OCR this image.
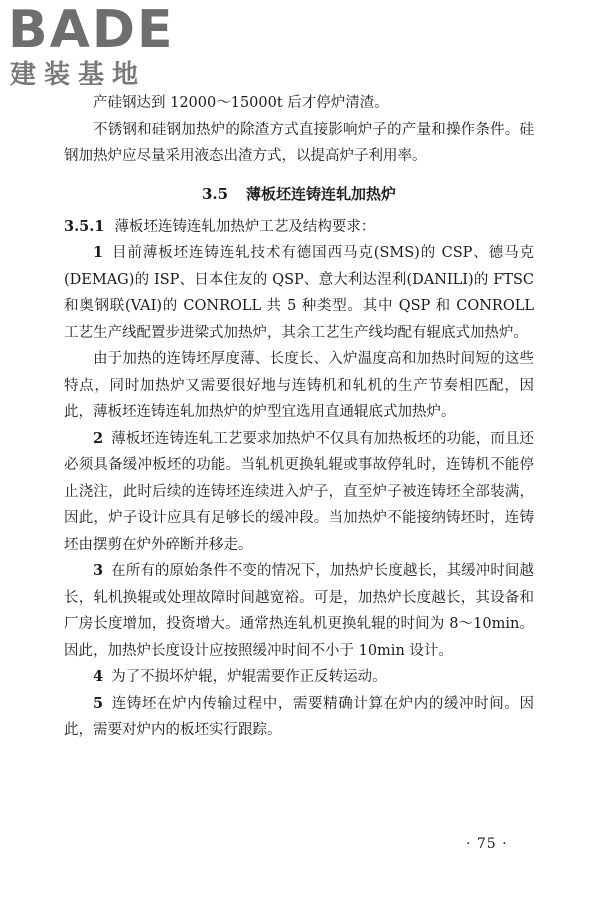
BADE
建装基地

产硅钢达到 12000～15000t 后才停炉清渣。

不锈钢和硅钢加热炉的除渣方式直接影响炉子的产量和操作条件。硅钢加热炉应尽量采用液态出渣方式，以提高炉子利用率。

3.5 薄板坯连铸连轧加热炉

3.5.1 薄板坯连铸连轧加热炉工艺及结构要求：

1 目前薄板坯连铸连轧技术有德国西马克(SMS)的 CSP、德马克(DEMAG)的 ISP、日本住友的 QSP、意大利达涅利(DANILI)的 FTSC 和奥钢联(VAI)的 CONROLL 共 5 种类型。其中 QSP 和 CONROLL 工艺生产线配置步进梁式加热炉，其余工艺生产线均配有辊底式加热炉。

由于加热的连铸坯厚度薄、长度长、入炉温度高和加热时间短的这些特点，同时加热炉又需要很好地与连铸机和轧机的生产节奏相匹配，因此，薄板坯连铸连轧加热炉的炉型宜选用直通辊底式加热炉。

2 薄板坯连铸连轧工艺要求加热炉不仅具有加热板坯的功能，而且还必须具备缓冲板坯的功能。当轧机更换轧辊或事故停轧时，连铸机不能停止浇注，此时后续的连铸坯连续进入炉子，直至炉子被连铸坯全部装满，因此，炉子设计应具有足够长的缓冲段。当加热炉不能接纳铸坯时，连铸坯由摆剪在炉外碎断并移走。

3 在所有的原始条件不变的情况下，加热炉长度越长，其缓冲时间越长，轧机换辊或处理故障时间越宽裕。可是，加热炉长度越长，其设备和厂房长度增加，投资增大。通常热连轧机更换轧辊的时间为 8～10min。因此，加热炉长度设计应按照缓冲时间不小于 10min 设计。

4 为了不损坏炉辊，炉辊需要作正反转运动。

5 连铸坯在炉内传输过程中，需要精确计算在炉内的缓冲时间。因此，需要对炉内的板坯实行跟踪。

· 75 ·
